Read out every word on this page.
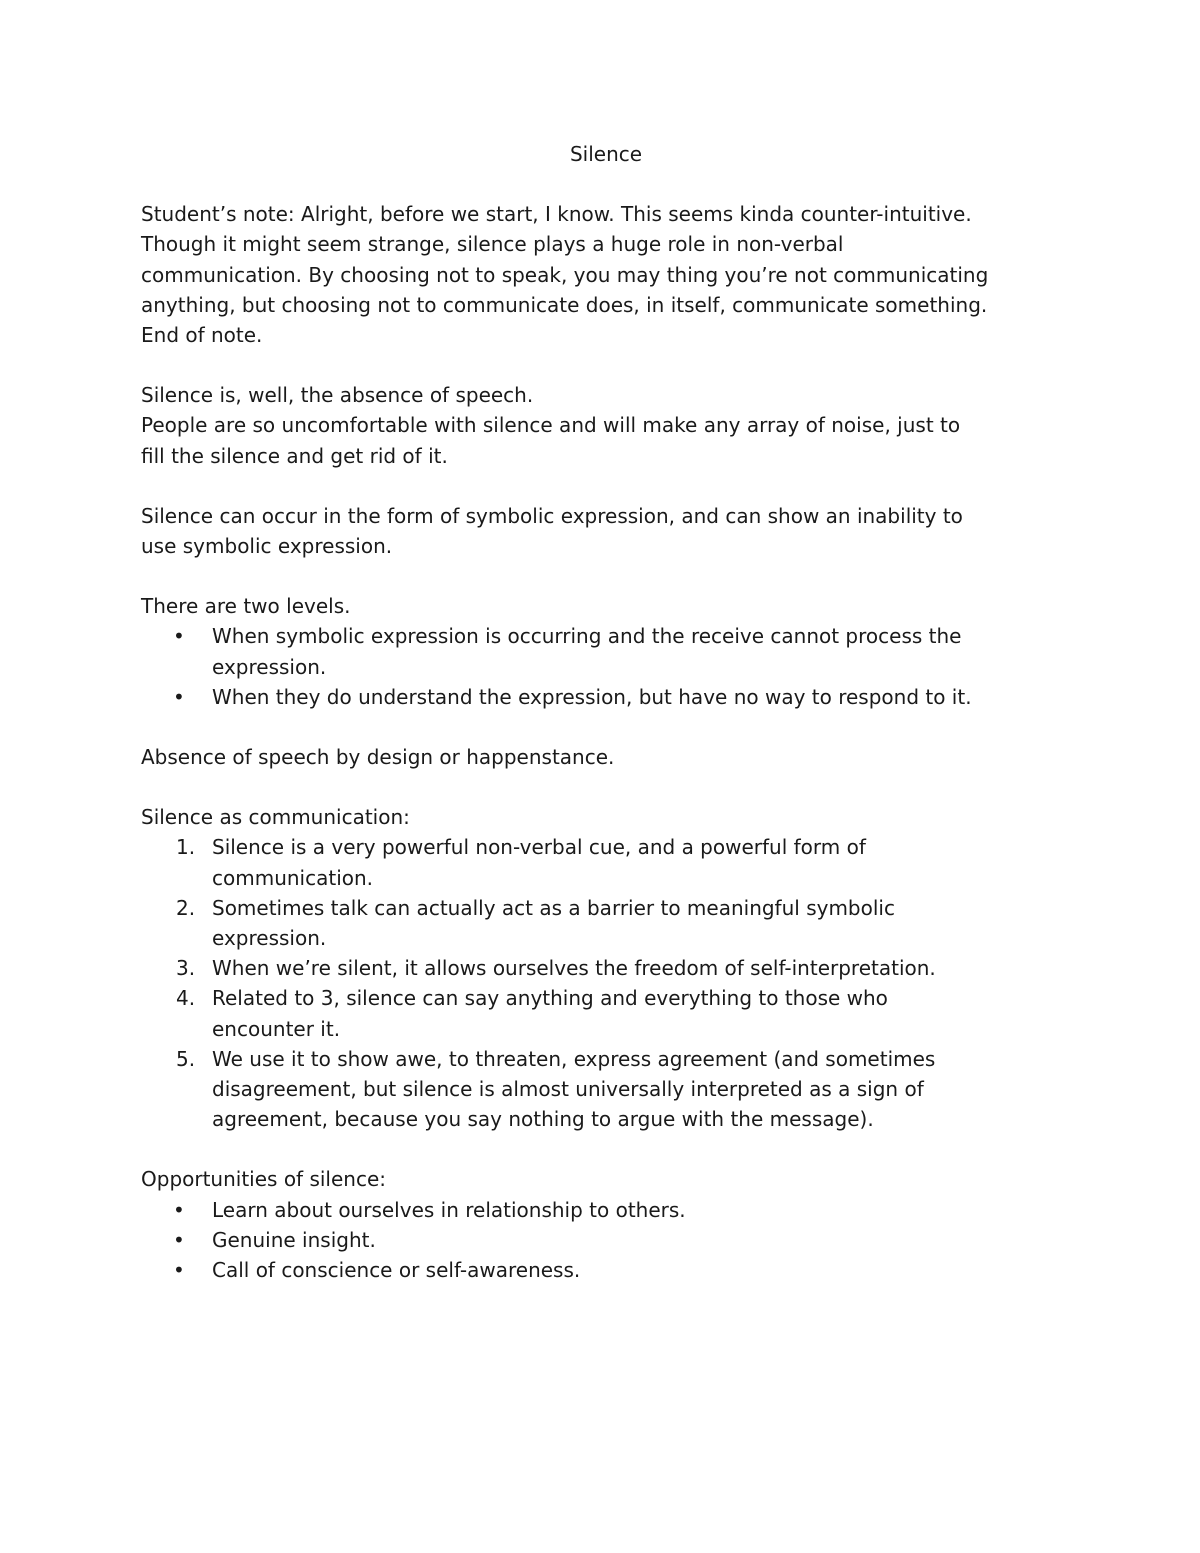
Silence

Student’s note: Alright, before we start, I know. This seems kinda counter-intuitive.

Though it might seem strange, silence plays a huge role in non-verbal

communication. By choosing not to speak, you may thing you’re not communicating

anything, but choosing not to communicate does, in itself, communicate something.

End of note.

Silence is, well, the absence of speech.

People are so uncomfortable with silence and will make any array of noise, just to

fill the silence and get rid of it.

Silence can occur in the form of symbolic expression, and can show an inability to

use symbolic expression.

There are two levels.

• When symbolic expression is occurring and the receive cannot process the

expression.

• When they do understand the expression, but have no way to respond to it.

Absence of speech by design or happenstance.

Silence as communication:

1. Silence is a very powerful non-verbal cue, and a powerful form of

communication.

2. Sometimes talk can actually act as a barrier to meaningful symbolic

expression.

3. When we’re silent, it allows ourselves the freedom of self-interpretation.

4. Related to 3, silence can say anything and everything to those who

encounter it.

5. We use it to show awe, to threaten, express agreement (and sometimes

disagreement, but silence is almost universally interpreted as a sign of

agreement, because you say nothing to argue with the message).

Opportunities of silence:

• Learn about ourselves in relationship to others.

• Genuine insight.

• Call of conscience or self-awareness.
